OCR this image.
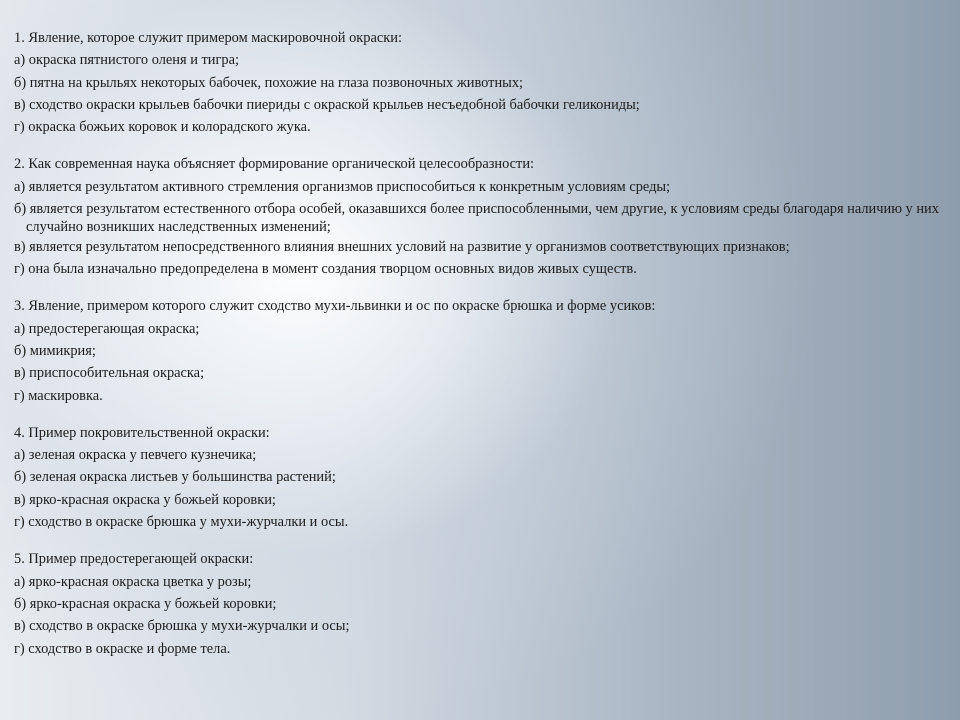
1. Явление, которое служит примером маскировочной окраски:
а) окраска пятнистого оленя и тигра;
б) пятна на крыльях некоторых бабочек, похожие на глаза позвоночных животных;
в) сходство окраски крыльев бабочки пиериды с окраской крыльев несъедобной бабочки геликониды;
г) окраска божьих коровок и колорадского жука.
2. Как современная наука объясняет формирование органической целесообразности:
а) является результатом активного стремления организмов приспособиться к конкретным условиям среды;
б) является результатом естественного отбора особей, оказавшихся более приспособленными, чем другие, к условиям среды благодаря наличию у них случайно возникших наследственных изменений;
в) является результатом непосредственного влияния внешних условий на развитие у организмов соответствующих признаков;
г) она была изначально предопределена в момент создания творцом основных видов живых существ.
3. Явление, примером которого служит сходство мухи-львинки и ос по окраске брюшка и форме усиков:
а) предостерегающая окраска;
б) мимикрия;
в) приспособительная окраска;
г) маскировка.
4. Пример покровительственной окраски:
а) зеленая окраска у певчего кузнечика;
б) зеленая окраска листьев у большинства растений;
в) ярко-красная окраска у божьей коровки;
г) сходство в окраске брюшка у мухи-журчалки и осы.
5. Пример предостерегающей окраски:
а) ярко-красная окраска цветка у розы;
б) ярко-красная окраска у божьей коровки;
в) сходство в окраске брюшка у мухи-журчалки и осы;
г) сходство в окраске и форме тела.
